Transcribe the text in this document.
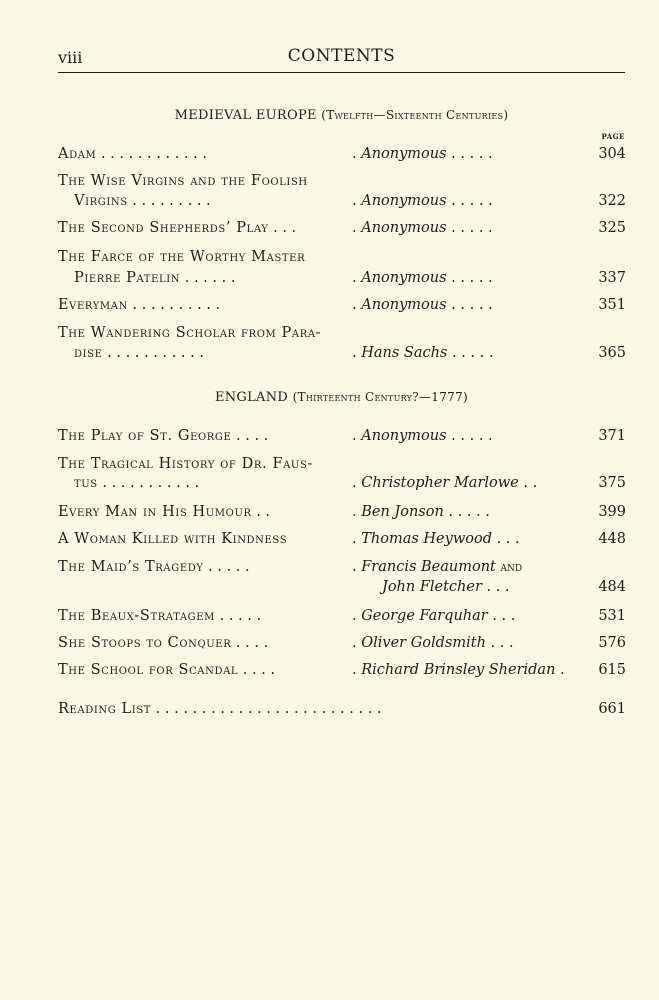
viii	CONTENTS
MEDIEVAL EUROPE (Twelfth—Sixteenth Centuries)
PAGE
Adam . . . . . . . . . . . .	. Anonymous . . . . .	304
The Wise Virgins and the Foolish
Virgins . . . . . . . . .	. Anonymous . . . . .	322
The Second Shepherds’ Play . . .	. Anonymous . . . . .	325
The Farce of the Worthy Master
Pierre Patelin . . . . . .	. Anonymous . . . . .	337
Everyman . . . . . . . . . .	. Anonymous . . . . .	351
The Wandering Scholar from Para-
dise . . . . . . . . . . .	. Hans Sachs . . . . .	365
ENGLAND (Thirteenth Century?—1777)
The Play of St. George . . . .	. Anonymous . . . . .	371
The Tragical History of Dr. Faus-
tus . . . . . . . . . . .	. Christopher Marlowe . .	375
Every Man in His Humour . .	. Ben Jonson . . . . .	399
A Woman Killed with Kindness	. Thomas Heywood . . .	448
The Maid’s Tragedy . . . . .	. Francis Beaumont and
John Fletcher . . .	484
The Beaux-Stratagem . . . . .	. George Farquhar . . .	531
She Stoops to Conquer . . . .	. Oliver Goldsmith . . .	576
The School for Scandal . . . .	. Richard Brinsley Sheridan .	615
Reading List . . . . . . . . . . . . . . . . . . . . . . . . .	661
